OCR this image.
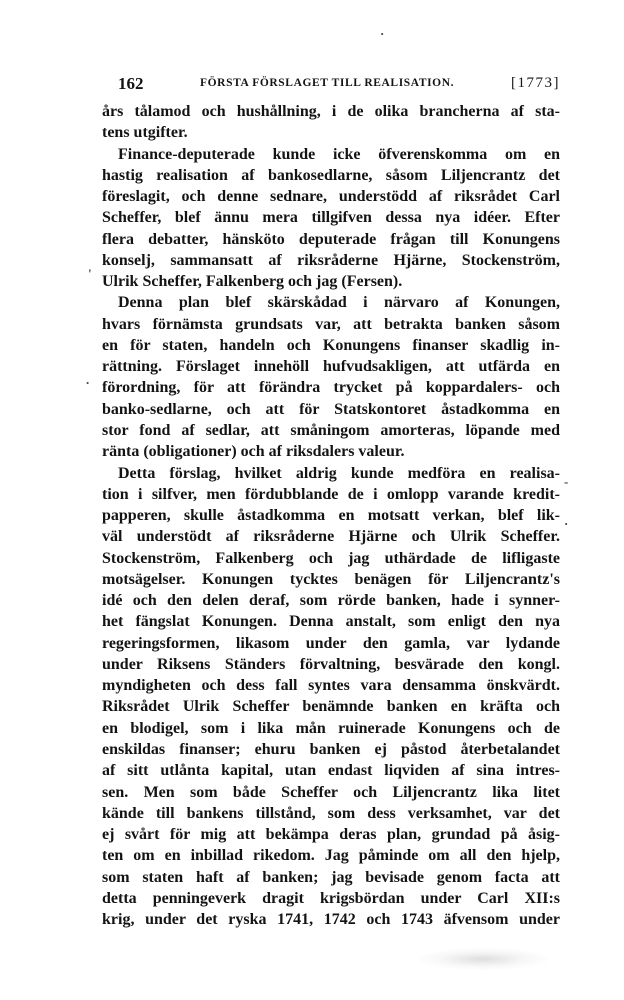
162	FÖRSTA FÖRSLAGET TILL REALISATION.	[1773]
års tålamod och hushållning, i de olika brancherna af sta-
tens utgifter.
Finance-deputerade kunde icke öfverenskomma om en
hastig realisation af bankosedlarne, såsom Liljencrantz det
föreslagit, och denne sednare, understödd af riksrådet Carl
Scheffer, blef ännu mera tillgifven dessa nya idéer. Efter
flera debatter, hänsköto deputerade frågan till Konungens
konselj, sammansatt af riksråderne Hjärne, Stockenström,
Ulrik Scheffer, Falkenberg och jag (Fersen).
Denna plan blef skärskådad i närvaro af Konungen,
hvars förnämsta grundsats var, att betrakta banken såsom
en för staten, handeln och Konungens finanser skadlig in-
rättning. Förslaget innehöll hufvudsakligen, att utfärda en
förordning, för att förändra trycket på koppardalers- och
banko-sedlarne, och att för Statskontoret åstadkomma en
stor fond af sedlar, att småningom amorteras, löpande med
ränta (obligationer) och af riksdalers valeur.
Detta förslag, hvilket aldrig kunde medföra en realisa-
tion i silfver, men fördubblande de i omlopp varande kredit-
papperen, skulle åstadkomma en motsatt verkan, blef lik-
väl understödt af riksråderne Hjärne och Ulrik Scheffer.
Stockenström, Falkenberg och jag uthärdade de lifligaste
motsägelser. Konungen tycktes benägen för Liljencrantz's
idé och den delen deraf, som rörde banken, hade i synner-
het fängslat Konungen. Denna anstalt, som enligt den nya
regeringsformen, likasom under den gamla, var lydande
under Riksens Ständers förvaltning, besvärade den kongl.
myndigheten och dess fall syntes vara densamma önskvärdt.
Riksrådet Ulrik Scheffer benämnde banken en kräfta och
en blodigel, som i lika mån ruinerade Konungens och de
enskildas finanser; ehuru banken ej påstod återbetalandet
af sitt utlånta kapital, utan endast liqviden af sina intres-
sen. Men som både Scheffer och Liljencrantz lika litet
kände till bankens tillstånd, som dess verksamhet, var det
ej svårt för mig att bekämpa deras plan, grundad på åsig-
ten om en inbillad rikedom. Jag påminde om all den hjelp,
som staten haft af banken; jag bevisade genom facta att
detta penningeverk dragit krigsbördan under Carl XII:s
krig, under det ryska 1741, 1742 och 1743 äfvensom under
·
'
.
-
·
